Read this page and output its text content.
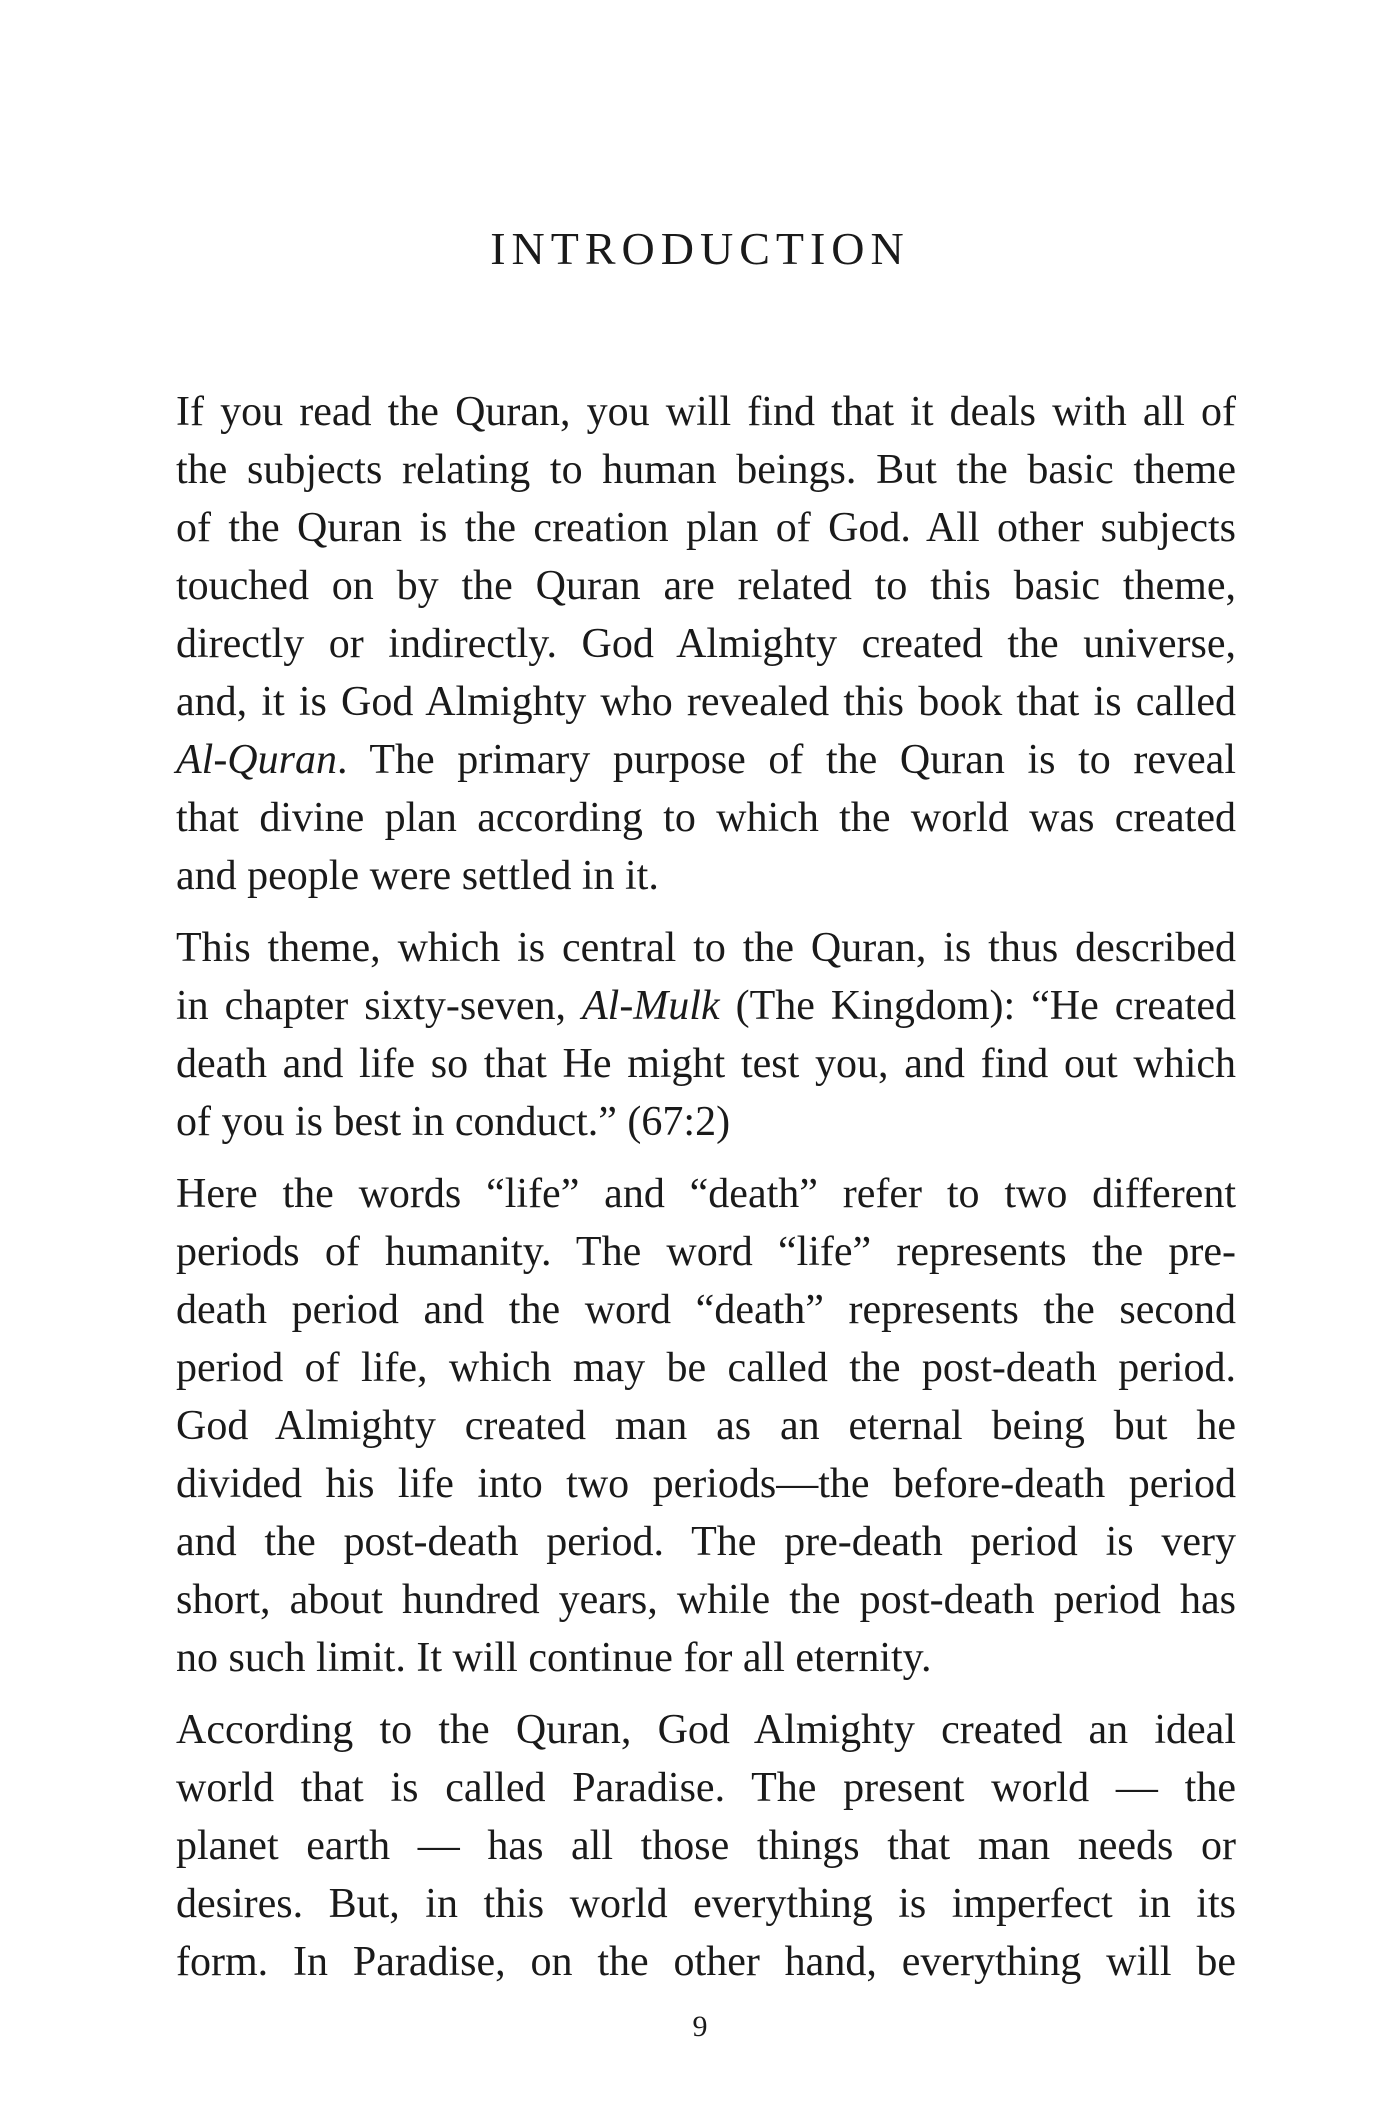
INTRODUCTION
If you read the Quran, you will find that it deals with all of
the subjects relating to human beings. But the basic theme
of the Quran is the creation plan of God. All other subjects
touched on by the Quran are related to this basic theme,
directly or indirectly. God Almighty created the universe,
and, it is God Almighty who revealed this book that is called
Al-Quran. The primary purpose of the Quran is to reveal
that divine plan according to which the world was created
and people were settled in it.
This theme, which is central to the Quran, is thus described
in chapter sixty-seven, Al-Mulk (The Kingdom): “He created
death and life so that He might test you, and find out which
of you is best in conduct.” (67:2)
Here the words “life” and “death” refer to two different
periods of humanity. The word “life” represents the pre-
death period and the word “death” represents the second
period of life, which may be called the post-death period.
God Almighty created man as an eternal being but he
divided his life into two periods—the before-death period
and the post-death period. The pre-death period is very
short, about hundred years, while the post-death period has
no such limit. It will continue for all eternity.
According to the Quran, God Almighty created an ideal
world that is called Paradise. The present world — the
planet earth — has all those things that man needs or
desires. But, in this world everything is imperfect in its
form. In Paradise, on the other hand, everything will be
9
